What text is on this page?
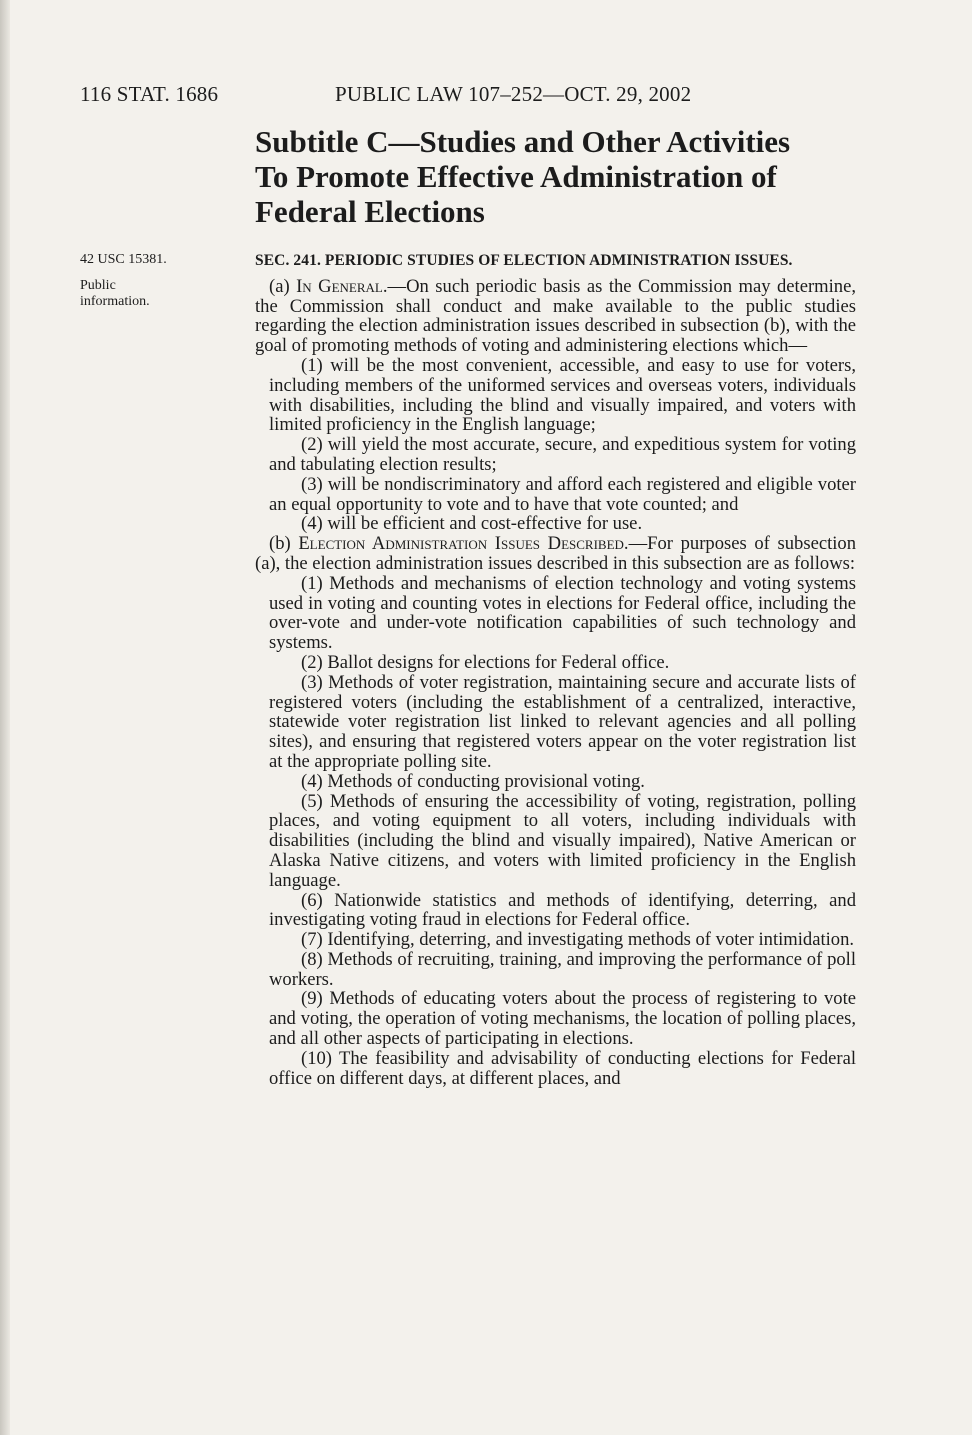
116 STAT. 1686	PUBLIC LAW 107–252—OCT. 29, 2002
Subtitle C—Studies and Other Activities
To Promote Effective Administration of
Federal Elections
42 USC 15381.
Public
information.
SEC. 241. PERIODIC STUDIES OF ELECTION ADMINISTRATION ISSUES.

(a) In General.—On such periodic basis as the Commission may determine, the Commission shall conduct and make available to the public studies regarding the election administration issues described in subsection (b), with the goal of promoting methods of voting and administering elections which—

(1) will be the most convenient, accessible, and easy to use for voters, including members of the uniformed services and overseas voters, individuals with disabilities, including the blind and visually impaired, and voters with limited proficiency in the English language;

(2) will yield the most accurate, secure, and expeditious system for voting and tabulating election results;

(3) will be nondiscriminatory and afford each registered and eligible voter an equal opportunity to vote and to have that vote counted; and

(4) will be efficient and cost-effective for use.

(b) Election Administration Issues Described.—For purposes of subsection (a), the election administration issues described in this subsection are as follows:

(1) Methods and mechanisms of election technology and voting systems used in voting and counting votes in elections for Federal office, including the over-vote and under-vote notification capabilities of such technology and systems.

(2) Ballot designs for elections for Federal office.

(3) Methods of voter registration, maintaining secure and accurate lists of registered voters (including the establishment of a centralized, interactive, statewide voter registration list linked to relevant agencies and all polling sites), and ensuring that registered voters appear on the voter registration list at the appropriate polling site.

(4) Methods of conducting provisional voting.

(5) Methods of ensuring the accessibility of voting, registration, polling places, and voting equipment to all voters, including individuals with disabilities (including the blind and visually impaired), Native American or Alaska Native citizens, and voters with limited proficiency in the English language.

(6) Nationwide statistics and methods of identifying, deterring, and investigating voting fraud in elections for Federal office.

(7) Identifying, deterring, and investigating methods of voter intimidation.

(8) Methods of recruiting, training, and improving the performance of poll workers.

(9) Methods of educating voters about the process of registering to vote and voting, the operation of voting mechanisms, the location of polling places, and all other aspects of participating in elections.

(10) The feasibility and advisability of conducting elections for Federal office on different days, at different places, and
